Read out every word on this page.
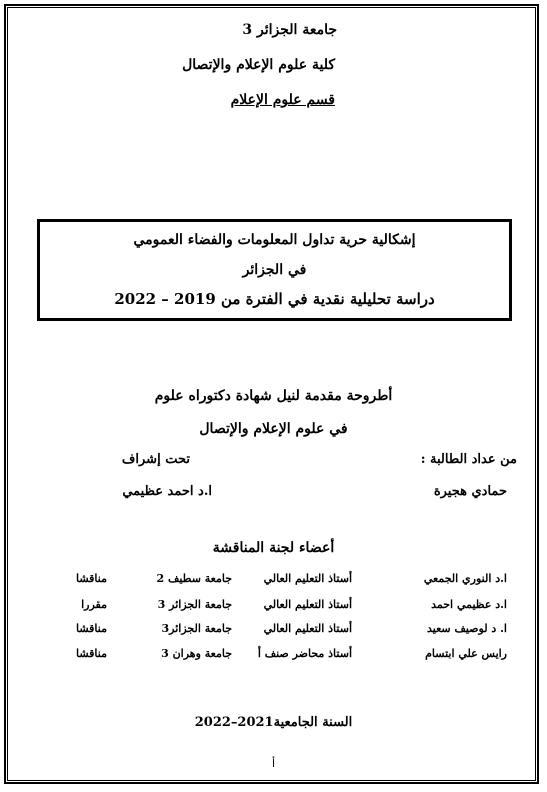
جامعة الجزائر 3
كلية علوم الإعلام والإتصال
قسم علوم الإعلام
إشكالية حرية تداول المعلومات والفضاء العمومي
في الجزائر
دراسة تحليلية نقدية في الفترة من 2019 – 2022
أطروحة مقدمة لنيل شهادة دكتوراه علوم
في علوم الإعلام والإتصال
من عداد الطالبة :
تحت إشراف
حمادي هجيرة
ا.د احمد عظيمي
أعضاء لجنة المناقشة
ا.د النوري الجمعي
أستاذ التعليم العالي
جامعة سطيف 2
مناقشا
ا.د عظيمي احمد
أستاذ التعليم العالي
جامعة الجزائر 3
مقررا
ا. د لوصيف سعيد
أستاذ التعليم العالي
جامعة الجزائر3
مناقشا
رايس علي ابتسام
أستاذ محاضر صنف أ
جامعة وهران 3
مناقشا
السنة الجامعية2021–2022
أ
